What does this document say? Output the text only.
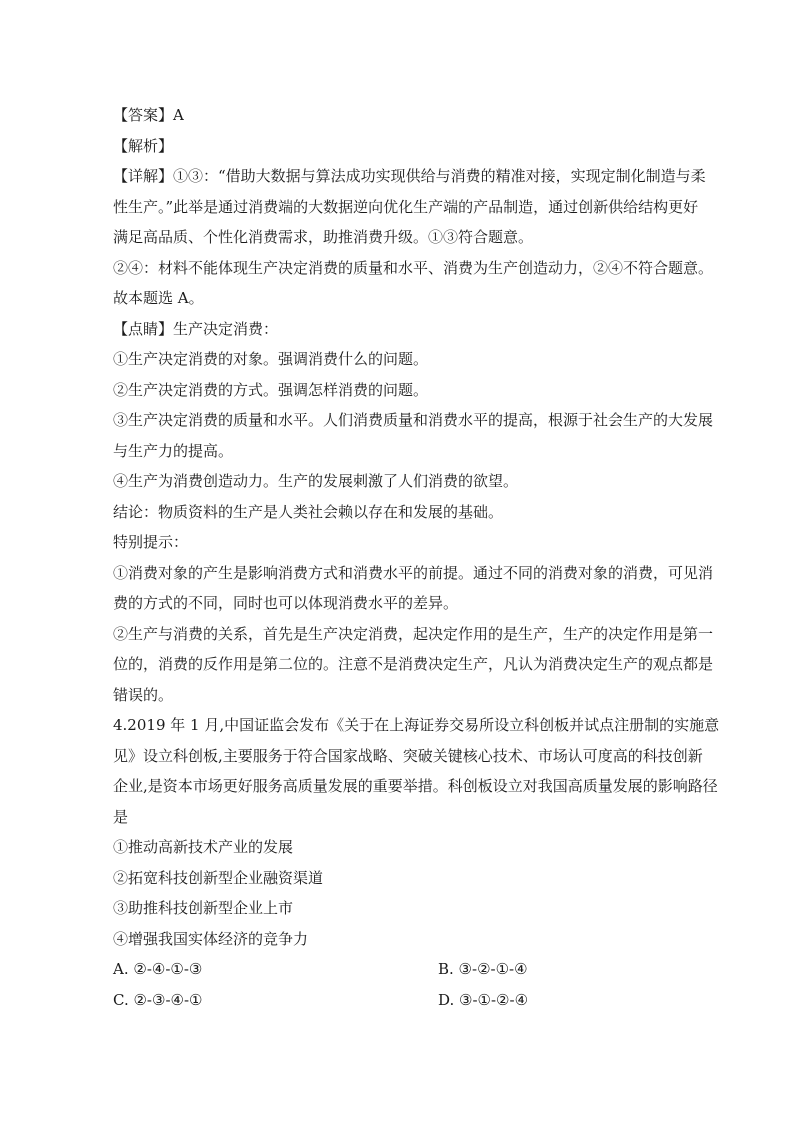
【答案】A
【解析】
【详解】①③：“借助大数据与算法成功实现供给与消费的精准对接，实现定制化制造与柔
性生产。”此举是通过消费端的大数据逆向优化生产端的产品制造，通过创新供给结构更好
满足高品质、个性化消费需求，助推消费升级。①③符合题意。
②④：材料不能体现生产决定消费的质量和水平、消费为生产创造动力，②④不符合题意。
故本题选 A。
【点睛】生产决定消费：
①生产决定消费的对象。强调消费什么的问题。
②生产决定消费的方式。强调怎样消费的问题。
③生产决定消费的质量和水平。人们消费质量和消费水平的提高，根源于社会生产的大发展
与生产力的提高。
④生产为消费创造动力。生产的发展刺激了人们消费的欲望。
结论：物质资料的生产是人类社会赖以存在和发展的基础。
特别提示：
①消费对象的产生是影响消费方式和消费水平的前提。通过不同的消费对象的消费，可见消
费的方式的不同，同时也可以体现消费水平的差异。
②生产与消费的关系，首先是生产决定消费，起决定作用的是生产，生产的决定作用是第一
位的，消费的反作用是第二位的。注意不是消费决定生产，凡认为消费决定生产的观点都是
错误的。
4.2019 年 1 月,中国证监会发布《关于在上海证券交易所设立科创板并试点注册制的实施意
见》设立科创板,主要服务于符合国家战略、突破关键核心技术、市场认可度高的科技创新
企业,是资本市场更好服务高质量发展的重要举措。科创板设立对我国高质量发展的影响路径
是
①推动高新技术产业的发展
②拓宽科技创新型企业融资渠道
③助推科技创新型企业上市
④增强我国实体经济的竞争力
A. ②-④-①-③	B. ③-②-①-④
C. ②-③-④-①	D. ③-①-②-④
